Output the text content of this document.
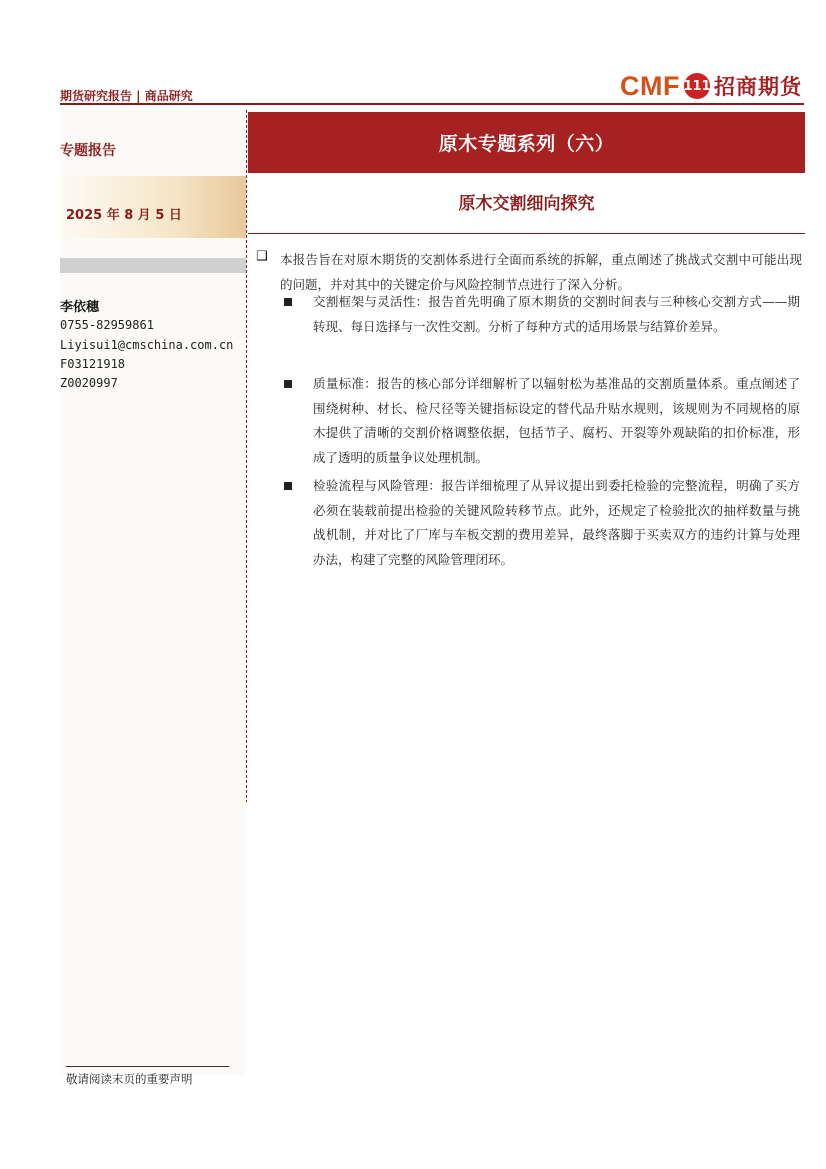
期货研究报告 | 商品研究	CMF 111 招商期货
专题报告
2025 年 8 月 5 日
李依穗
0755-82959861
Liyisui1@cmschina.com.cn
F03121918
Z0020997
原木专题系列（六）
原木交割细向探究
❑ 本报告旨在对原木期货的交割体系进行全面而系统的拆解，重点阐述了挑战式交割中可能出现的问题，并对其中的关键定价与风险控制节点进行了深入分析。
交割框架与灵活性：报告首先明确了原木期货的交割时间表与三种核心交割方式——期转现、每日选择与一次性交割。分析了每种方式的适用场景与结算价差异。
质量标准：报告的核心部分详细解析了以辐射松为基准品的交割质量体系。重点阐述了围绕树种、材长、检尺径等关键指标设定的替代品升贴水规则，该规则为不同规格的原木提供了清晰的交割价格调整依据，包括节子、腐朽、开裂等外观缺陷的扣价标准，形成了透明的质量争议处理机制。
检验流程与风险管理：报告详细梳理了从异议提出到委托检验的完整流程，明确了买方必须在装载前提出检验的关键风险转移节点。此外，还规定了检验批次的抽样数量与挑战机制，并对比了厂库与车板交割的费用差异，最终落脚于买卖双方的违约计算与处理办法，构建了完整的风险管理闭环。
敬请阅读末页的重要声明
